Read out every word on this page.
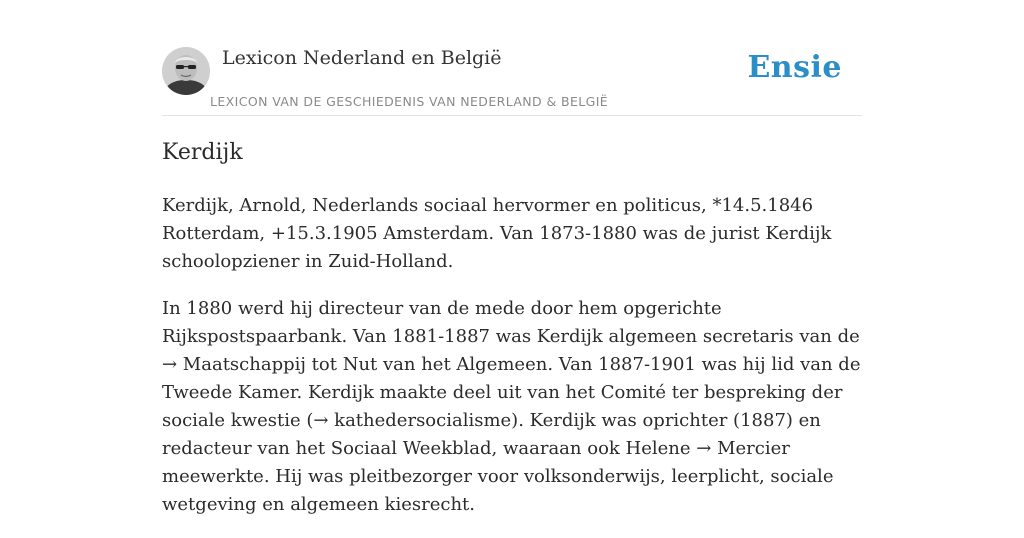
Lexicon Nederland en België
LEXICON VAN DE GESCHIEDENIS VAN NEDERLAND & BELGIË
Ensie
Kerdijk

Kerdijk, Arnold, Nederlands sociaal hervormer en politicus, *14.5.1846 Rotterdam, +15.3.1905 Amsterdam. Van 1873-1880 was de jurist Kerdijk schoolopziener in Zuid-Holland.

In 1880 werd hij directeur van de mede door hem opgerichte Rijkspostspaarbank. Van 1881-1887 was Kerdijk algemeen secretaris van de → Maatschappij tot Nut van het Algemeen. Van 1887-1901 was hij lid van de Tweede Kamer. Kerdijk maakte deel uit van het Comité ter bespreking der sociale kwestie (→ kathedersocialisme). Kerdijk was oprichter (1887) en redacteur van het Sociaal Weekblad, waaraan ook Helene → Mercier meewerkte. Hij was pleitbezorger voor volksonderwijs, leerplicht, sociale wetgeving en algemeen kiesrecht.
